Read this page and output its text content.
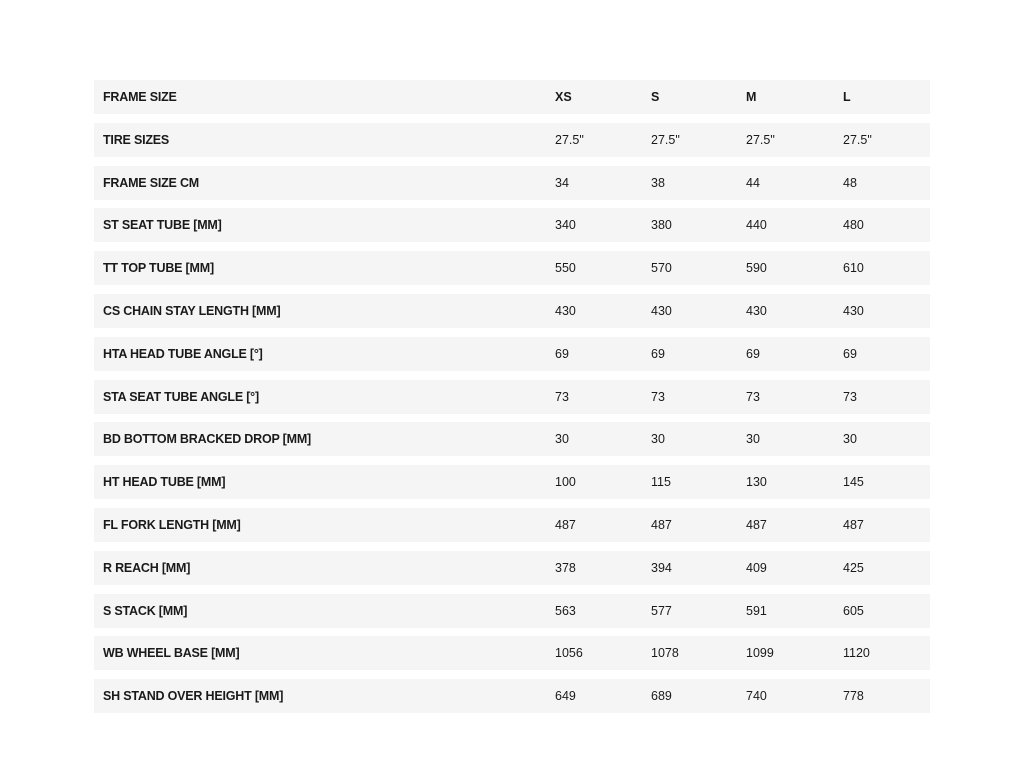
FRAME SIZE	XS	S	M	L
TIRE SIZES	27.5"	27.5"	27.5"	27.5"
FRAME SIZE CM	34	38	44	48
ST SEAT TUBE [MM]	340	380	440	480
TT TOP TUBE [MM]	550	570	590	610
CS CHAIN STAY LENGTH [MM]	430	430	430	430
HTA HEAD TUBE ANGLE [°]	69	69	69	69
STA SEAT TUBE ANGLE [°]	73	73	73	73
BD BOTTOM BRACKED DROP [MM]	30	30	30	30
HT HEAD TUBE [MM]	100	115	130	145
FL FORK LENGTH [MM]	487	487	487	487
R REACH [MM]	378	394	409	425
S STACK [MM]	563	577	591	605
WB WHEEL BASE [MM]	1056	1078	1099	1120
SH STAND OVER HEIGHT [MM]	649	689	740	778
